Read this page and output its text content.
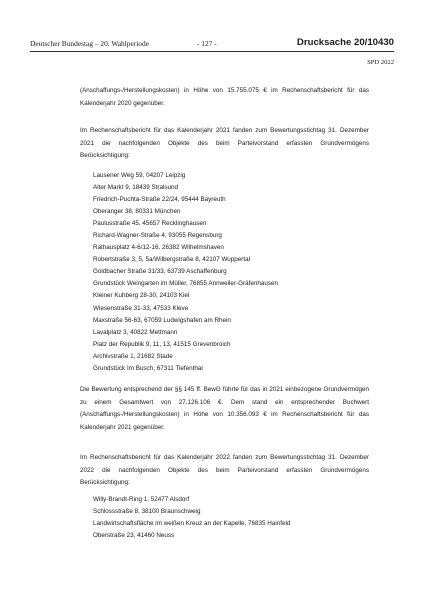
Deutscher Bundestag – 20. Wahlperiode	- 127 -	Drucksache 20/10430
SPD 2022
(Anschaffungs-/Herstellungskosten) in Höhe von 15.755.075 € im Rechenschaftsbericht für das Kalenderjahr 2020 gegenüber.
Im Rechenschaftsbericht für das Kalenderjahr 2021 fanden zum Bewertungsstichtag 31. Dezember 2021 die nachfolgenden Objekte des beim Parteivorstand erfassten Grundvermögens Berücksichtigung:
Lausener Weg 59, 04207 Leipzig
Alter Markt 9, 18439 Stralsund
Friedrich-Puchta-Straße 22/24, 95444 Bayreuth
Oberanger 38, 80331 München
Paulusstraße 45, 45657 Recklinghausen
Richard-Wagner-Straße 4, 93055 Regensburg
Rathausplatz 4-6/12-16, 26382 Wilhelmshaven
Robertstraße 3, 5, 5a/Wilbergstraße 8, 42107 Wuppertal
Goldbacher Straße 31/33, 63739 Aschaffenburg
Grundstück Weingarten im Müller, 76855 Annweiler-Gräfenhausen
Kleiner Kuhberg 28-30, 24103 Kiel
Wiesenstraße 31-33, 47533 Kleve
Maxstraße 56-63, 67059 Ludwigshafen am Rhein
Lavalplatz 3, 40822 Mettmann
Platz der Republik 9, 11, 13, 41515 Grevenbroich
Archivstraße 1, 21682 Stade
Grundstück Im Busch, 67311 Tiefenthal
Die Bewertung entsprechend der §§ 145 ff. BewG führte für das in 2021 einbezogene Grundvermögen zu einem Gesamtwert von 27.126.106 €. Dem stand ein entsprechender Buchwert (Anschaffungs-/Herstellungskosten) in Höhe von 10.356.093 € im Rechenschaftsbericht für das Kalenderjahr 2021 gegenüber.
Im Rechenschaftsbericht für das Kalenderjahr 2022 fanden zum Bewertungsstichtag 31. Dezember 2022 die nachfolgenden Objekte des beim Parteivorstand erfassten Grundvermögens Berücksichtigung:
Willy-Brandt-Ring 1, 52477 Alsdorf
Schlossstraße 8, 38100 Braunschweig
Landwirtschaftsfläche im weißen Kreuz an der Kapelle, 76835 Hainfeld
Oberstraße 23, 41460 Neuss
